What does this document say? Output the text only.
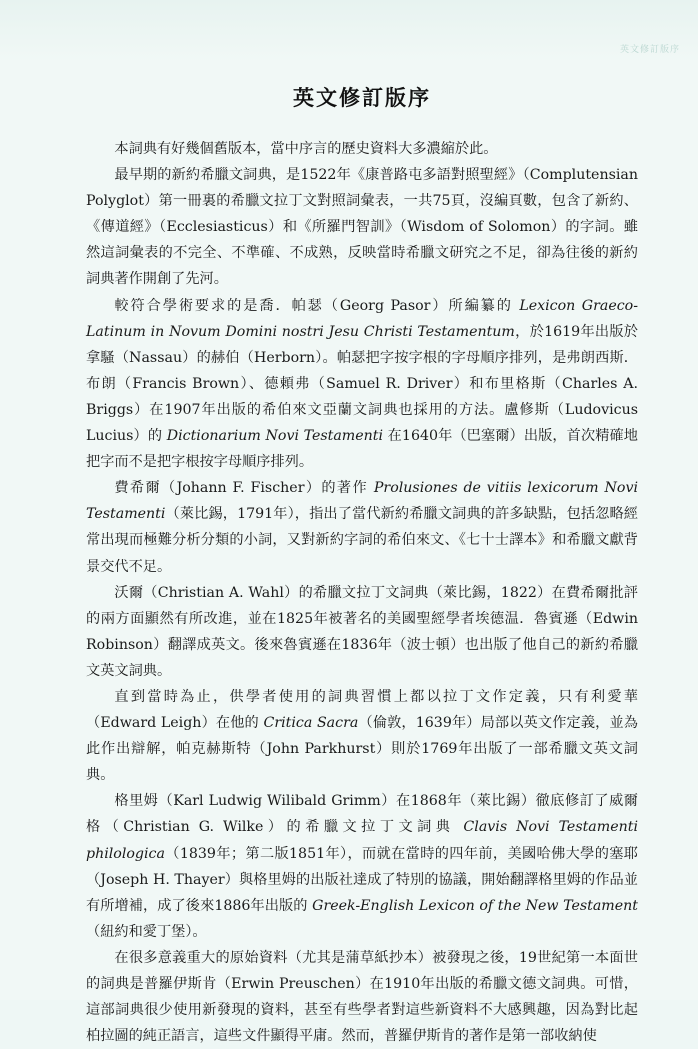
英文修訂版序
英文修訂版序

本詞典有好幾個舊版本，當中序言的歷史資料大多濃縮於此。

最早期的新約希臘文詞典，是1522年《康普路屯多語對照聖經》（Complutensian Polyglot）第一冊裏的希臘文拉丁文對照詞彙表，一共75頁，沒編頁數，包含了新約、《傳道經》（Ecclesiasticus）和《所羅門智訓》（Wisdom of Solomon）的字詞。雖然這詞彙表的不完全、不準確、不成熟，反映當時希臘文研究之不足，卻為往後的新約詞典著作開創了先河。

較符合學術要求的是喬．帕瑟（Georg Pasor）所編纂的 Lexicon Graeco-Latinum in Novum Domini nostri Jesu Christi Testamentum，於1619年出版於拿騷（Nassau）的赫伯（Herborn）。帕瑟把字按字根的字母順序排列，是弗朗西斯．布朗（Francis Brown）、德頼弗（Samuel R. Driver）和布里格斯（Charles A. Briggs）在1907年出版的希伯來文亞蘭文詞典也採用的方法。盧修斯（Ludovicus Lucius）的 Dictionarium Novi Testamenti 在1640年（巴塞爾）出版，首次精確地把字而不是把字根按字母順序排列。

費希爾（Johann F. Fischer）的著作 Prolusiones de vitiis lexicorum Novi Testamenti（萊比錫，1791年），指出了當代新約希臘文詞典的許多缺點，包括忽略經常出現而極難分析分類的小詞，又對新約字詞的希伯來文、《七十士譯本》和希臘文獻背景交代不足。

沃爾（Christian A. Wahl）的希臘文拉丁文詞典（萊比錫，1822）在費希爾批評的兩方面顯然有所改進，並在1825年被著名的美國聖經學者埃德温．魯賓遜（Edwin Robinson）翻譯成英文。後來魯賓遜在1836年（波士頓）也出版了他自己的新約希臘文英文詞典。

直到當時為止，供學者使用的詞典習慣上都以拉丁文作定義，只有利愛華（Edward Leigh）在他的 Critica Sacra（倫敦，1639年）局部以英文作定義，並為此作出辯解，帕克赫斯特（John Parkhurst）則於1769年出版了一部希臘文英文詞典。

格里姆（Karl Ludwig Wilibald Grimm）在1868年（萊比錫）徹底修訂了威爾格（Christian G. Wilke）的希臘文拉丁文詞典 Clavis Novi Testamenti philologica（1839年；第二版1851年），而就在當時的四年前，美國哈佛大學的塞耶（Joseph H. Thayer）與格里姆的出版社達成了特別的協議，開始翻譯格里姆的作品並有所增補，成了後來1886年出版的 Greek-English Lexicon of the New Testament（紐約和愛丁堡）。

在很多意義重大的原始資料（尤其是蒲草紙抄本）被發現之後，19世紀第一本面世的詞典是普羅伊斯肯（Erwin Preuschen）在1910年出版的希臘文德文詞典。可惜，這部詞典很少使用新發現的資料，甚至有些學者對這些新資料不大感興趣，因為對比起柏拉圖的純正語言，這些文件顯得平庸。然而，普羅伊斯肯的著作是第一部收納使
